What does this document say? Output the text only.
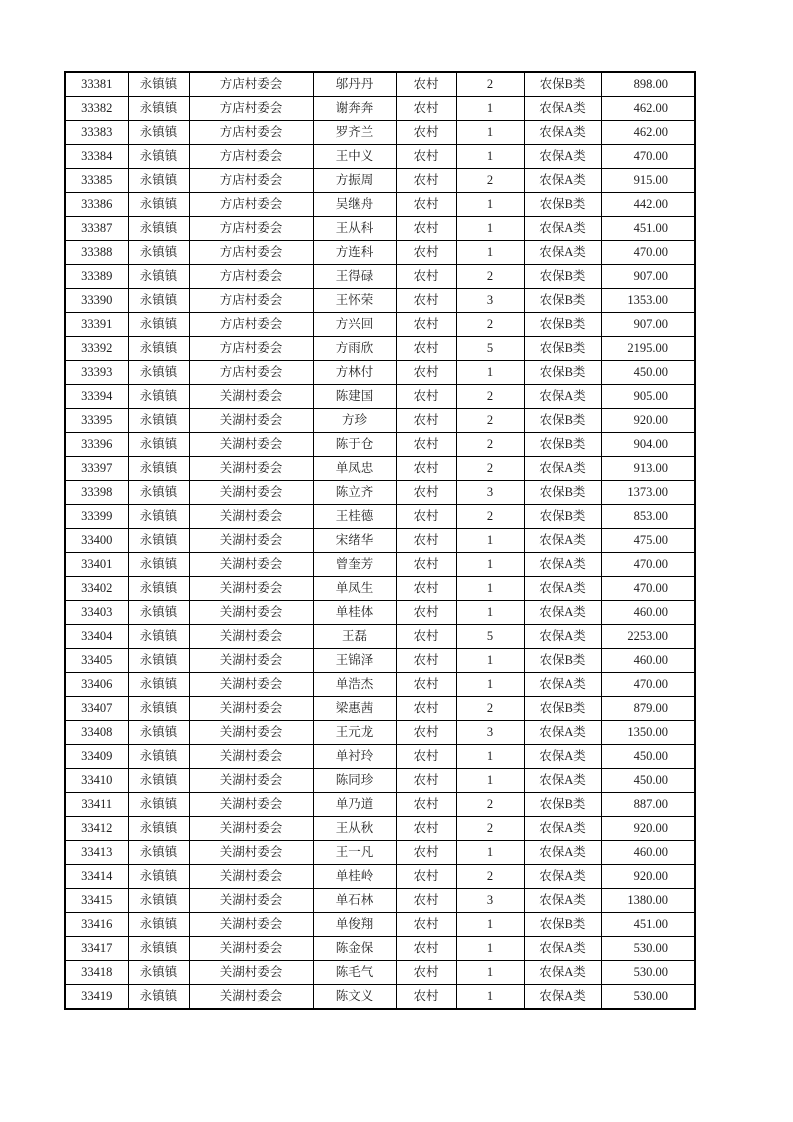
33381	永镇镇	方店村委会	邬丹丹	农村	2	农保B类	898.00
33382	永镇镇	方店村委会	谢奔奔	农村	1	农保A类	462.00
33383	永镇镇	方店村委会	罗齐兰	农村	1	农保A类	462.00
33384	永镇镇	方店村委会	王中义	农村	1	农保A类	470.00
33385	永镇镇	方店村委会	方振周	农村	2	农保A类	915.00
33386	永镇镇	方店村委会	吴继舟	农村	1	农保B类	442.00
33387	永镇镇	方店村委会	王从科	农村	1	农保A类	451.00
33388	永镇镇	方店村委会	方连科	农村	1	农保A类	470.00
33389	永镇镇	方店村委会	王得碌	农村	2	农保B类	907.00
33390	永镇镇	方店村委会	王怀荣	农村	3	农保B类	1353.00
33391	永镇镇	方店村委会	方兴回	农村	2	农保B类	907.00
33392	永镇镇	方店村委会	方雨欣	农村	5	农保B类	2195.00
33393	永镇镇	方店村委会	方林付	农村	1	农保B类	450.00
33394	永镇镇	关湖村委会	陈建国	农村	2	农保A类	905.00
33395	永镇镇	关湖村委会	方珍	农村	2	农保B类	920.00
33396	永镇镇	关湖村委会	陈于仓	农村	2	农保B类	904.00
33397	永镇镇	关湖村委会	单凤忠	农村	2	农保A类	913.00
33398	永镇镇	关湖村委会	陈立齐	农村	3	农保B类	1373.00
33399	永镇镇	关湖村委会	王桂德	农村	2	农保B类	853.00
33400	永镇镇	关湖村委会	宋绪华	农村	1	农保A类	475.00
33401	永镇镇	关湖村委会	曾奎芳	农村	1	农保A类	470.00
33402	永镇镇	关湖村委会	单凤生	农村	1	农保A类	470.00
33403	永镇镇	关湖村委会	单桂体	农村	1	农保A类	460.00
33404	永镇镇	关湖村委会	王磊	农村	5	农保A类	2253.00
33405	永镇镇	关湖村委会	王锦泽	农村	1	农保B类	460.00
33406	永镇镇	关湖村委会	单浩杰	农村	1	农保A类	470.00
33407	永镇镇	关湖村委会	梁惠茜	农村	2	农保B类	879.00
33408	永镇镇	关湖村委会	王元龙	农村	3	农保A类	1350.00
33409	永镇镇	关湖村委会	单衬玲	农村	1	农保A类	450.00
33410	永镇镇	关湖村委会	陈同珍	农村	1	农保A类	450.00
33411	永镇镇	关湖村委会	单乃道	农村	2	农保B类	887.00
33412	永镇镇	关湖村委会	王从秋	农村	2	农保A类	920.00
33413	永镇镇	关湖村委会	王一凡	农村	1	农保A类	460.00
33414	永镇镇	关湖村委会	单桂岭	农村	2	农保A类	920.00
33415	永镇镇	关湖村委会	单石林	农村	3	农保A类	1380.00
33416	永镇镇	关湖村委会	单俊翔	农村	1	农保B类	451.00
33417	永镇镇	关湖村委会	陈金保	农村	1	农保A类	530.00
33418	永镇镇	关湖村委会	陈毛气	农村	1	农保A类	530.00
33419	永镇镇	关湖村委会	陈文义	农村	1	农保A类	530.00
